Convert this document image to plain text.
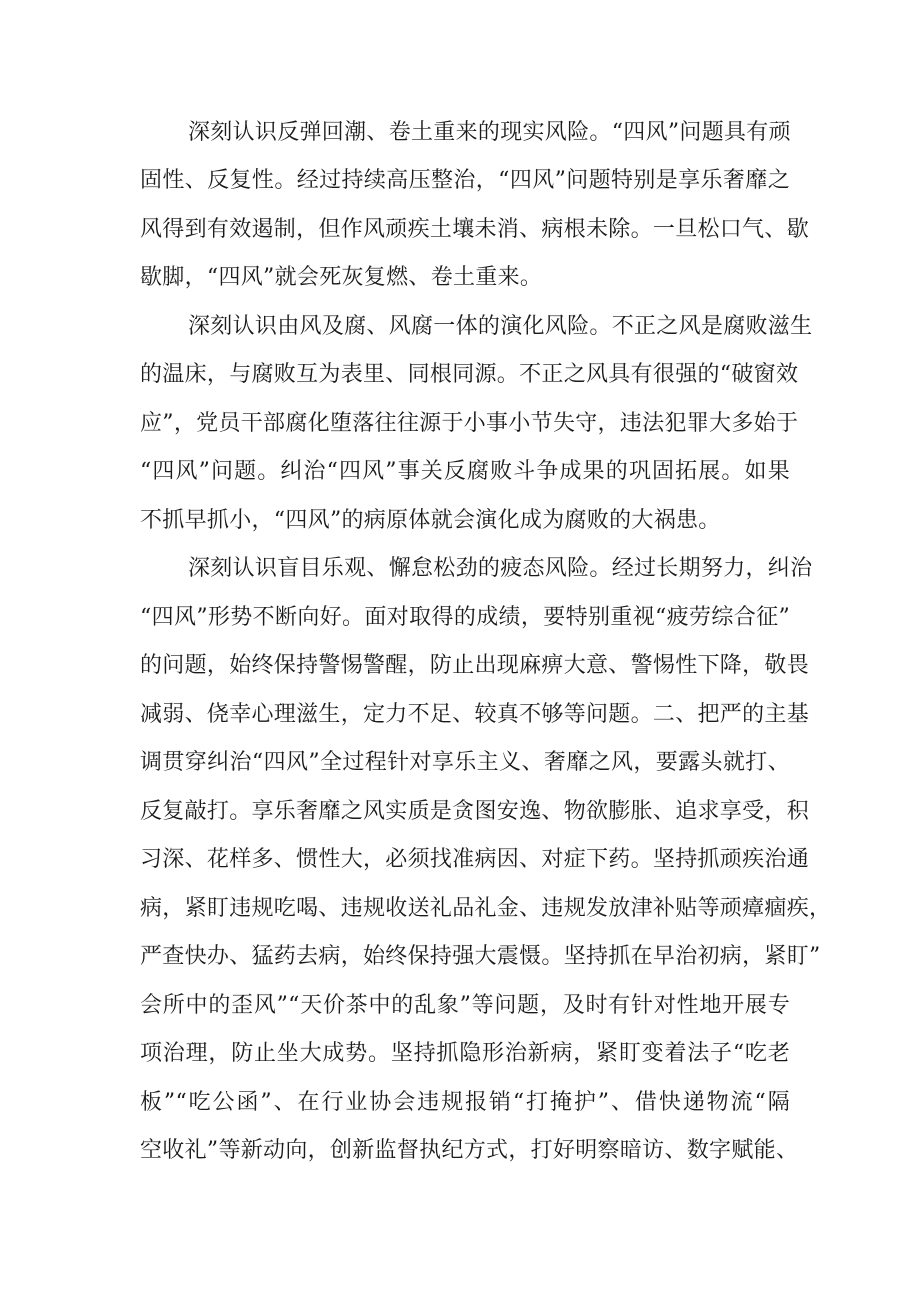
深刻认识反弹回潮、卷土重来的现实风险。“四风”问题具有顽

固性、反复性。经过持续高压整治，“四风”问题特别是享乐奢靡之

风得到有效遏制，但作风顽疾土壤未消、病根未除。一旦松口气、歇

歇脚，“四风”就会死灰复燃、卷土重来。

深刻认识由风及腐、风腐一体的演化风险。不正之风是腐败滋生

的温床，与腐败互为表里、同根同源。不正之风具有很强的“破窗效

应”，党员干部腐化堕落往往源于小事小节失守，违法犯罪大多始于

“四风”问题。纠治“四风”事关反腐败斗争成果的巩固拓展。如果

不抓早抓小，“四风”的病原体就会演化成为腐败的大祸患。

深刻认识盲目乐观、懈怠松劲的疲态风险。经过长期努力，纠治

“四风”形势不断向好。面对取得的成绩，要特别重视“疲劳综合征”

的问题，始终保持警惕警醒，防止出现麻痹大意、警惕性下降，敬畏

减弱、侥幸心理滋生，定力不足、较真不够等问题。二、把严的主基

调贯穿纠治“四风”全过程针对享乐主义、奢靡之风，要露头就打、

反复敲打。享乐奢靡之风实质是贪图安逸、物欲膨胀、追求享受，积

习深、花样多、惯性大，必须找准病因、对症下药。坚持抓顽疾治通

病，紧盯违规吃喝、违规收送礼品礼金、违规发放津补贴等顽瘴痼疾，

严查快办、猛药去病，始终保持强大震慑。坚持抓在早治初病，紧盯”

会所中的歪风”“天价茶中的乱象”等问题，及时有针对性地开展专

项治理，防止坐大成势。坚持抓隐形治新病，紧盯变着法子“吃老

板”“吃公函”、在行业协会违规报销“打掩护”、借快递物流“隔

空收礼”等新动向，创新监督执纪方式，打好明察暗访、数字赋能、
